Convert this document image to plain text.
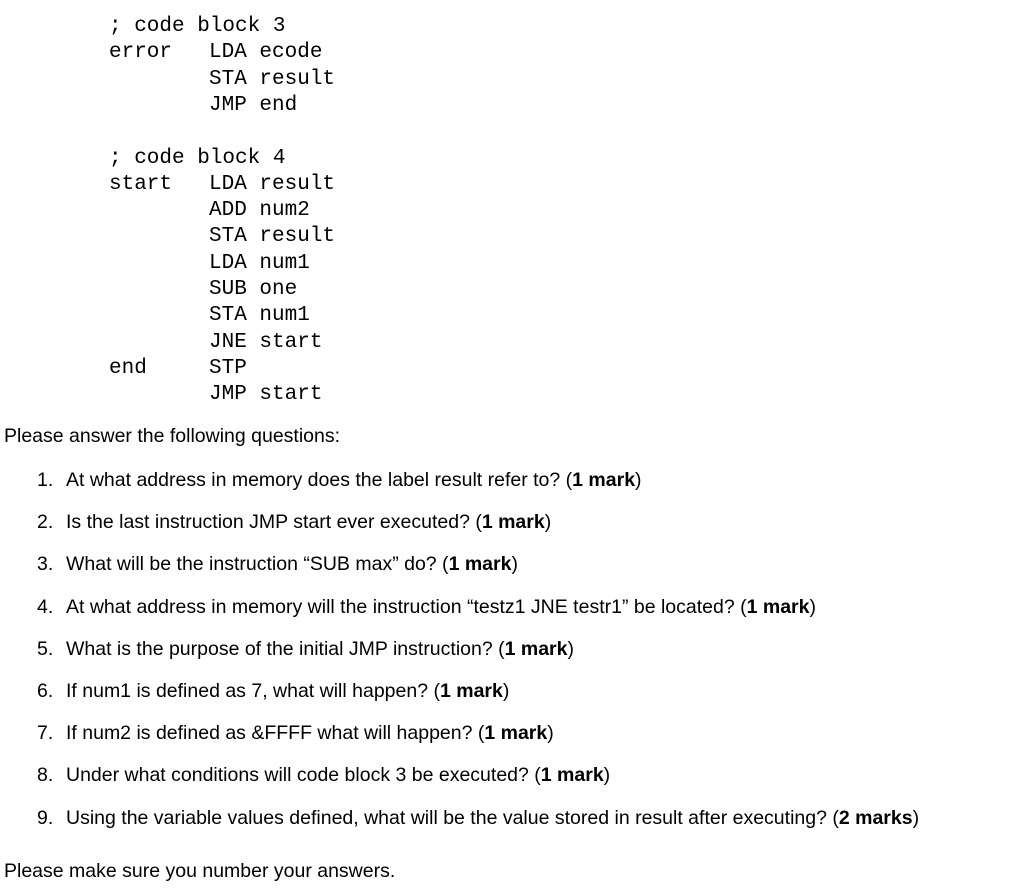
; code block 3
error LDA ecode
STA result
JMP end
; code block 4
start LDA result
ADD num2
STA result
LDA num1
SUB one
STA num1
JNE start
end	STP
JMP start
Please answer the following questions:
1. At what address in memory does the label result refer to? (1 mark)
2. Is the last instruction JMP start ever executed? (1 mark)
3. What will be the instruction “SUB max” do? (1 mark)
4. At what address in memory will the instruction “testz1 JNE testr1” be located? (1 mark)
5. What is the purpose of the initial JMP instruction? (1 mark)
6. If num1 is defined as 7, what will happen? (1 mark)
7. If num2 is defined as &FFFF what will happen? (1 mark)
8. Under what conditions will code block 3 be executed? (1 mark)
9. Using the variable values defined, what will be the value stored in result after executing? (2 marks)
Please make sure you number your answers.
